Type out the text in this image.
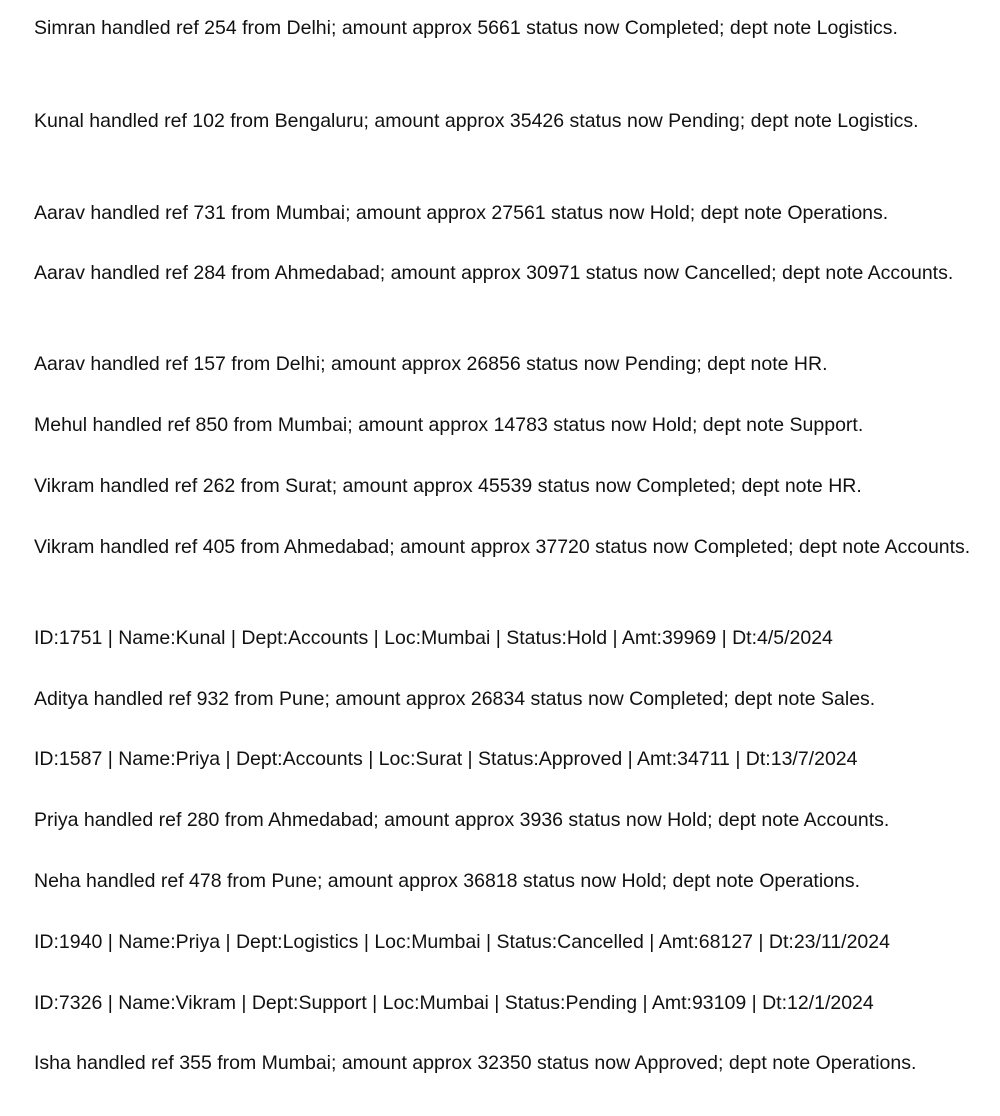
Simran handled ref 254 from Delhi; amount approx 5661 status now Completed; dept note Logistics.

Kunal handled ref 102 from Bengaluru; amount approx 35426 status now Pending; dept note Logistics.

Aarav handled ref 731 from Mumbai; amount approx 27561 status now Hold; dept note Operations.

Aarav handled ref 284 from Ahmedabad; amount approx 30971 status now Cancelled; dept note Accounts.

Aarav handled ref 157 from Delhi; amount approx 26856 status now Pending; dept note HR.

Mehul handled ref 850 from Mumbai; amount approx 14783 status now Hold; dept note Support.

Vikram handled ref 262 from Surat; amount approx 45539 status now Completed; dept note HR.

Vikram handled ref 405 from Ahmedabad; amount approx 37720 status now Completed; dept note Accounts.

ID:1751 | Name:Kunal | Dept:Accounts | Loc:Mumbai | Status:Hold | Amt:39969 | Dt:4/5/2024

Aditya handled ref 932 from Pune; amount approx 26834 status now Completed; dept note Sales.

ID:1587 | Name:Priya | Dept:Accounts | Loc:Surat | Status:Approved | Amt:34711 | Dt:13/7/2024

Priya handled ref 280 from Ahmedabad; amount approx 3936 status now Hold; dept note Accounts.

Neha handled ref 478 from Pune; amount approx 36818 status now Hold; dept note Operations.

ID:1940 | Name:Priya | Dept:Logistics | Loc:Mumbai | Status:Cancelled | Amt:68127 | Dt:23/11/2024

ID:7326 | Name:Vikram | Dept:Support | Loc:Mumbai | Status:Pending | Amt:93109 | Dt:12/1/2024

Isha handled ref 355 from Mumbai; amount approx 32350 status now Approved; dept note Operations.
